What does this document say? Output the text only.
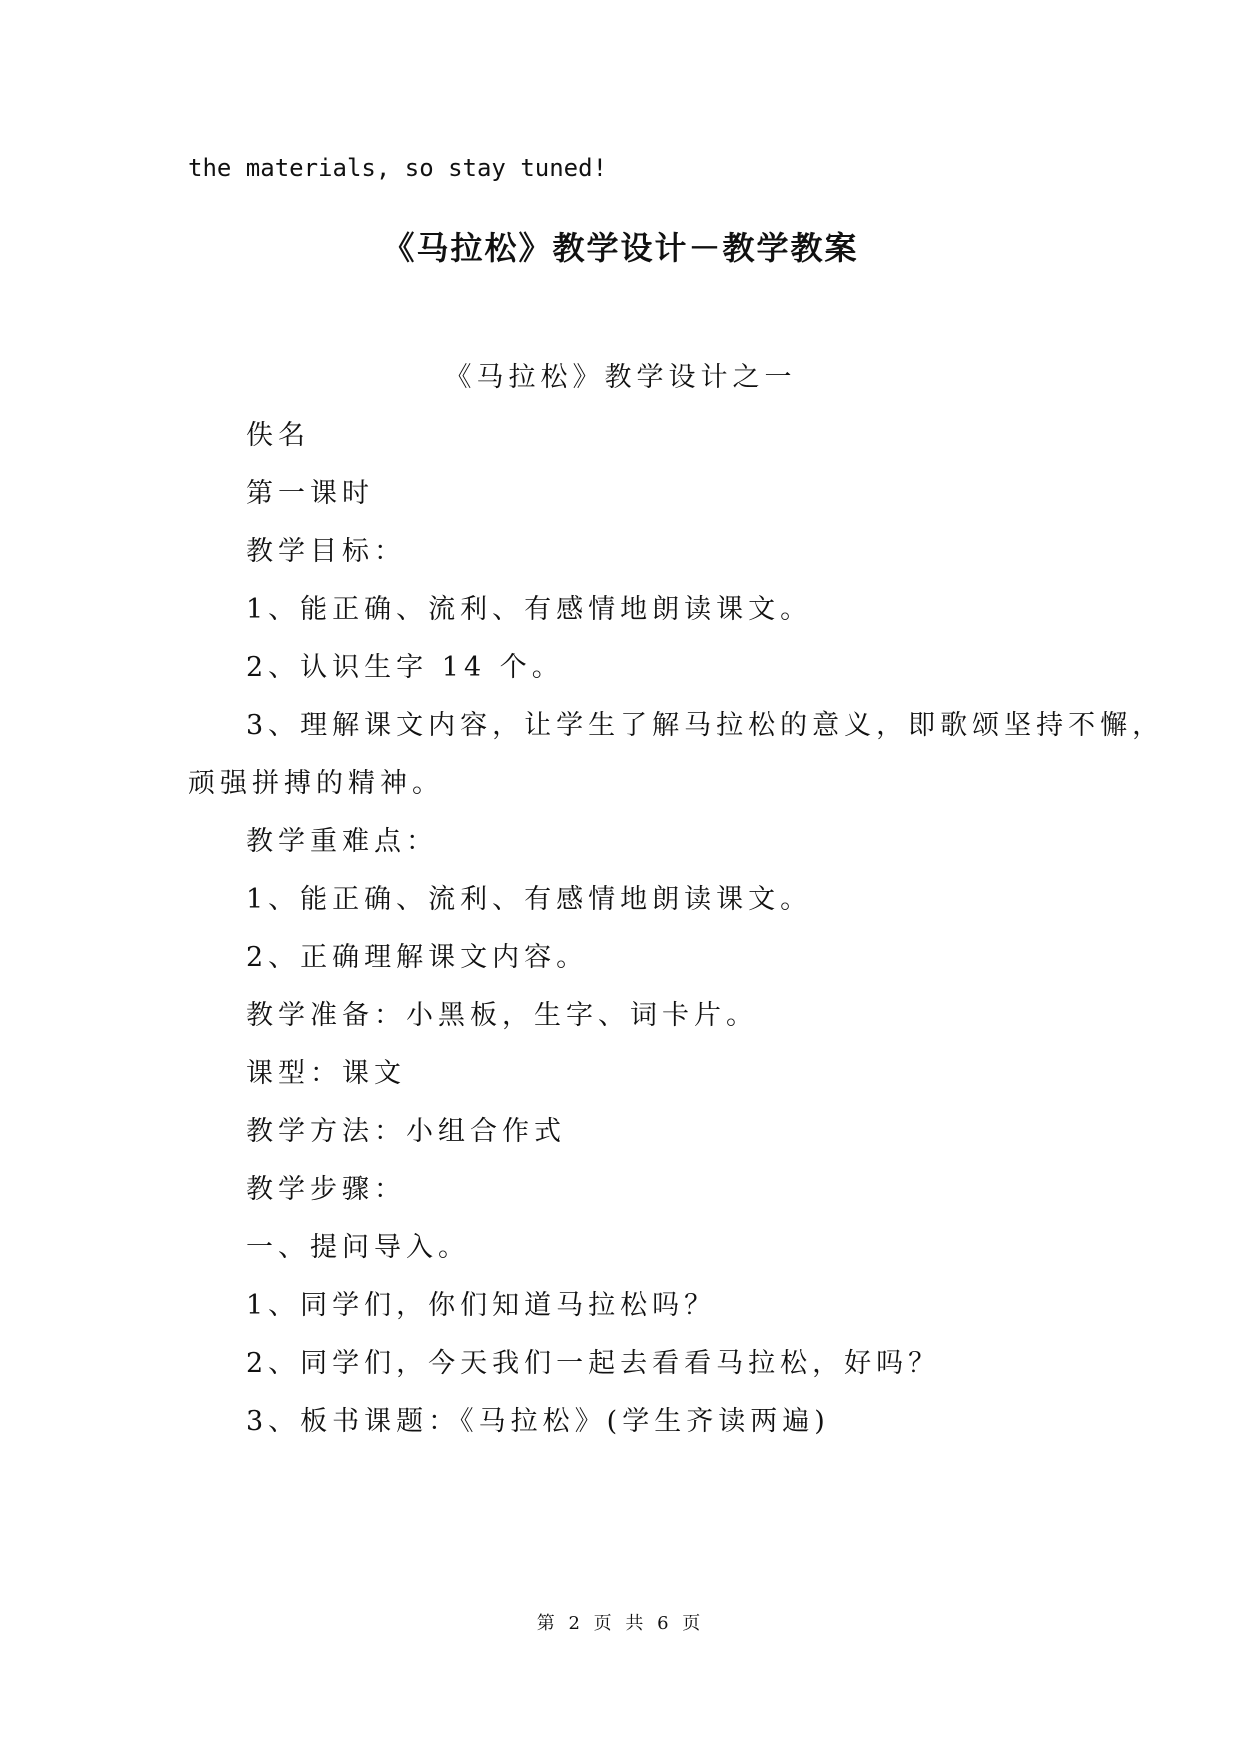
the materials, so stay tuned!
《马拉松》教学设计－教学教案
《马拉松》教学设计之一
佚名
第一课时
教学目标：
1、能正确、流利、有感情地朗读课文。
2、认识生字 14 个。
3、理解课文内容，让学生了解马拉松的意义，即歌颂坚持不懈，
顽强拼搏的精神。
教学重难点：
1、能正确、流利、有感情地朗读课文。
2、正确理解课文内容。
教学准备：小黑板，生字、词卡片。
课型：课文
教学方法：小组合作式
教学步骤：
一、提问导入。
1、同学们，你们知道马拉松吗？
2、同学们，今天我们一起去看看马拉松，好吗？
3、板书课题：《马拉松》(学生齐读两遍)
第 2 页 共 6 页
